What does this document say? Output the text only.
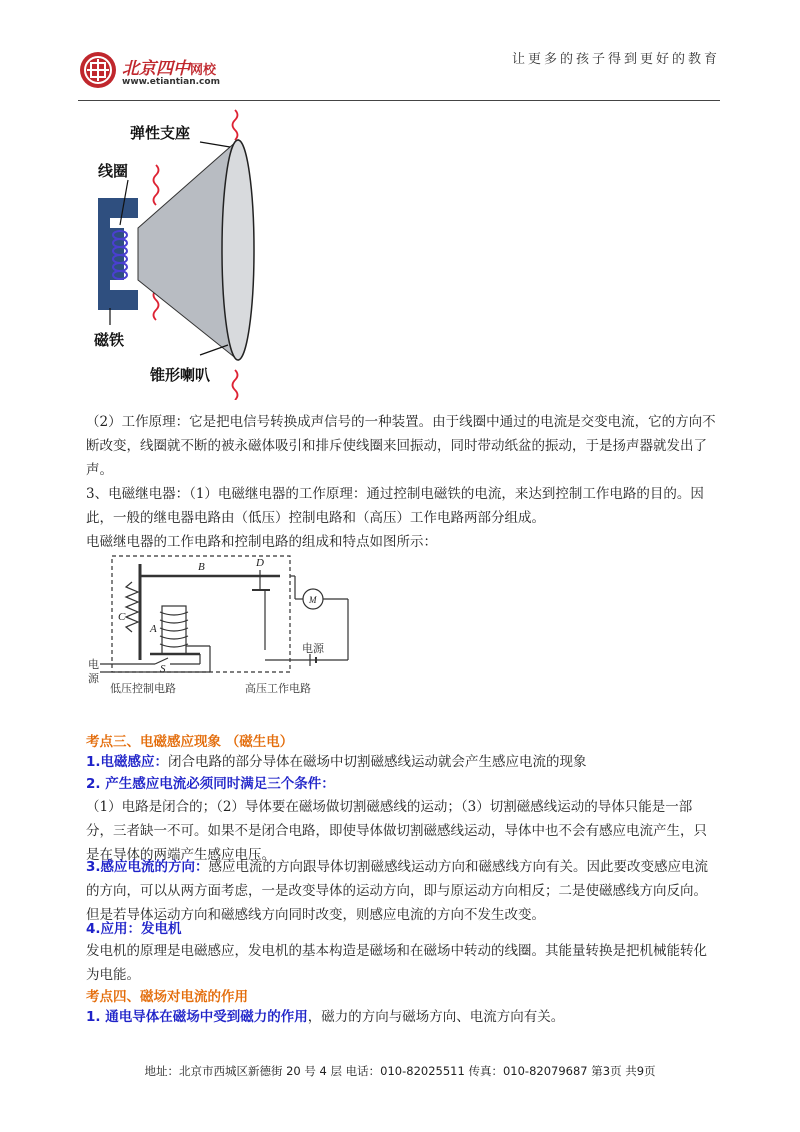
北京四中网校
www.etiantian.com
让更多的孩子得到更好的教育
弹性支座
线圈
磁铁
锥形喇叭

（2）工作原理：它是把电信号转换成声信号的一种装置。由于线圈中通过的电流是交变电流，它的方向不断改变，线圈就不断的被永磁体吸引和排斥使线圈来回振动，同时带动纸盆的振动，于是扬声器就发出了声。

3、电磁继电器：（1）电磁继电器的工作原理：通过控制电磁铁的电流，来达到控制工作电路的目的。因此，一般的继电器电路由（低压）控制电路和（高压）工作电路两部分组成。

电磁继电器的工作电路和控制电路的组成和特点如图所示：

B	D
C
A
S
M
电源
电
源
低压控制电路	高压工作电路

考点三、电磁感应现象 （磁生电）

1.电磁感应：闭合电路的部分导体在磁场中切割磁感线运动就会产生感应电流的现象

2. 产生感应电流必须同时满足三个条件：

（1）电路是闭合的；（2）导体要在磁场做切割磁感线的运动；（3）切割磁感线运动的导体只能是一部分，三者缺一不可。如果不是闭合电路，即使导体做切割磁感线运动，导体中也不会有感应电流产生，只是在导体的两端产生感应电压。

3.感应电流的方向：感应电流的方向跟导体切割磁感线运动方向和磁感线方向有关。因此要改变感应电流的方向，可以从两方面考虑，一是改变导体的运动方向，即与原运动方向相反；二是使磁感线方向反向。但是若导体运动方向和磁感线方向同时改变，则感应电流的方向不发生改变。

4.应用：发电机

发电机的原理是电磁感应，发电机的基本构造是磁场和在磁场中转动的线圈。其能量转换是把机械能转化为电能。

考点四、磁场对电流的作用

1. 通电导体在磁场中受到磁力的作用，磁力的方向与磁场方向、电流方向有关。

地址：北京市西城区新德街 20 号 4 层 电话：010-82025511 传真：010-82079687 第3页 共9页
